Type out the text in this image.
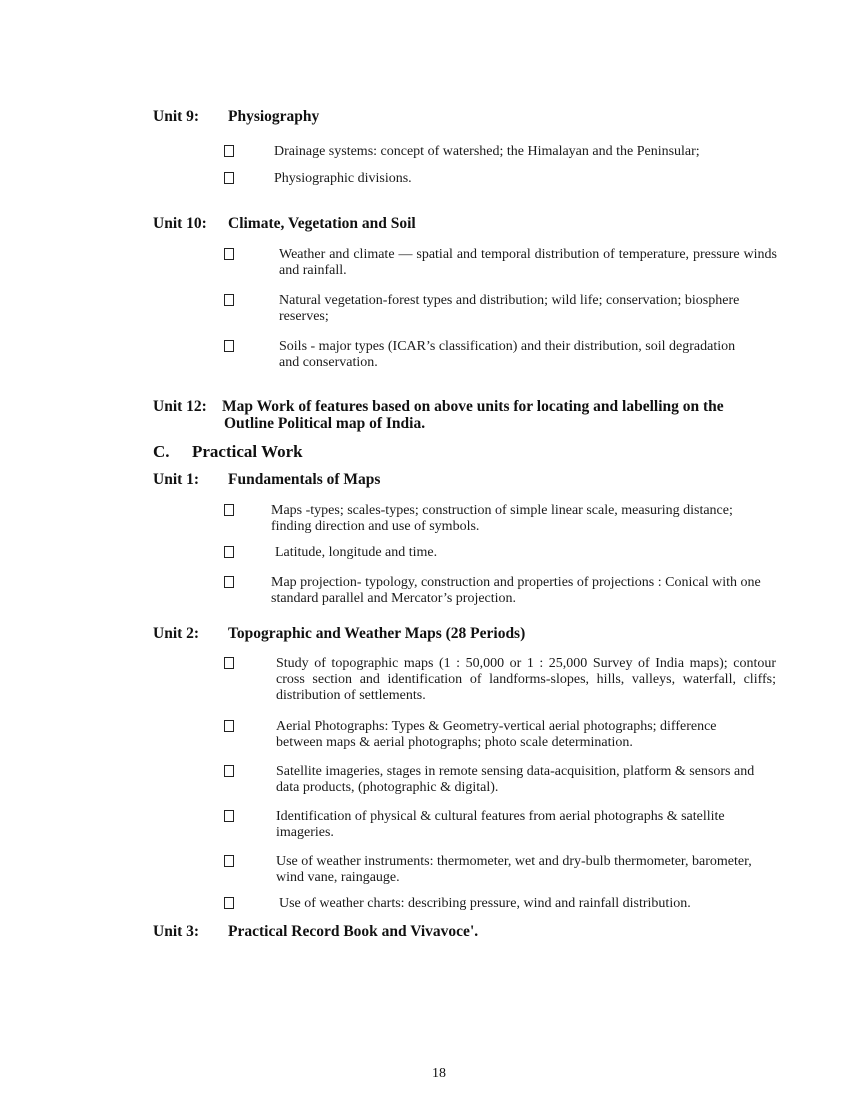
Unit 9: Physiography
Drainage systems: concept of watershed; the Himalayan and the Peninsular;
Physiographic divisions.
Unit 10: Climate, Vegetation and Soil
Weather and climate — spatial and temporal distribution of temperature, pressure winds and rainfall.
Natural vegetation-forest types and distribution; wild life; conservation; biosphere reserves;
Soils - major types (ICAR’s classification) and their distribution, soil degradation and conservation.
Unit 12: Map Work of features based on above units for locating and labelling on the
Outline Political map of India.
C. Practical Work
Unit 1: Fundamentals of Maps
Maps -types; scales-types; construction of simple linear scale, measuring distance; finding direction and use of symbols.
Latitude, longitude and time.
Map projection- typology, construction and properties of projections : Conical with one standard parallel and Mercator’s projection.
Unit 2: Topographic and Weather Maps (28 Periods)
Study of topographic maps (1 : 50,000 or 1 : 25,000 Survey of India maps); contour cross section and identification of landforms-slopes, hills, valleys, waterfall, cliffs; distribution of settlements.
Aerial Photographs: Types & Geometry-vertical aerial photographs; difference between maps & aerial photographs; photo scale determination.
Satellite imageries, stages in remote sensing data-acquisition, platform & sensors and data products, (photographic & digital).
Identification of physical & cultural features from aerial photographs & satellite imageries.
Use of weather instruments: thermometer, wet and dry-bulb thermometer, barometer, wind vane, raingauge.
Use of weather charts: describing pressure, wind and rainfall distribution.
Unit 3: Practical Record Book and Vivavoce'.
18
